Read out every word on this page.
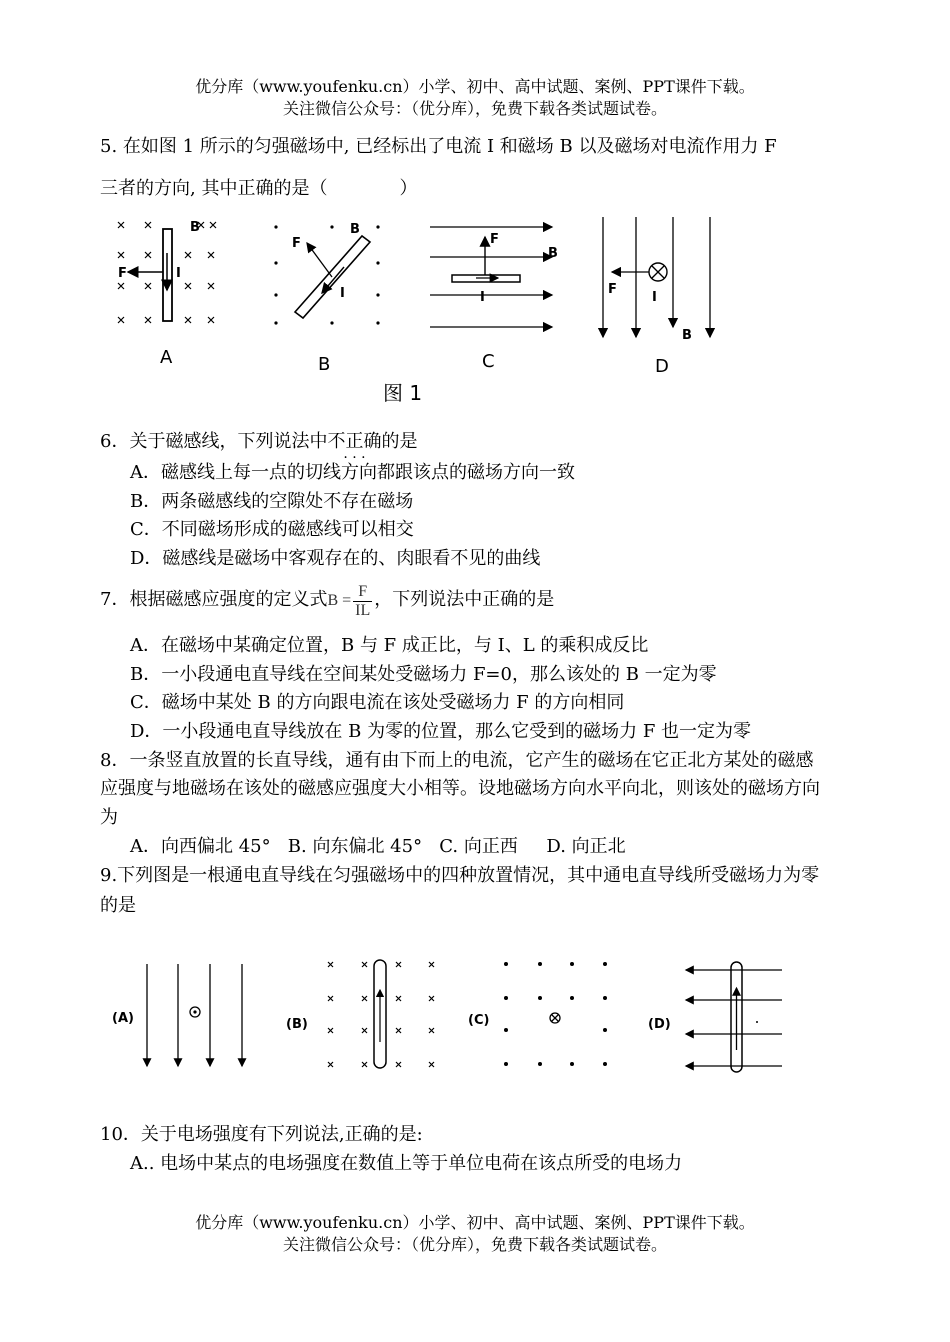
优分库（www.youfenku.cn）小学、初中、高中试题、案例、PPT课件下载。
关注微信公众号：（优分库），免费下载各类试题试卷。
5. 在如图 1 所示的匀强磁场中, 已经标出了电流 I 和磁场 B 以及磁场对电流作用力 F
三者的方向, 其中正确的是（　　　　）
B
F	I
A
B
F
I
B
F
B
I
C
F
I
B
D
图 1
6．关于磁感线，下列说法中不正确
· · ·
的是
A．磁感线上每一点的切线方向都跟该点的磁场方向一致
B．两条磁感线的空隙处不存在磁场
C．不同磁场形成的磁感线可以相交
D．磁感线是磁场中客观存在的、肉眼看不见的曲线
7．根据磁感应强度的定义式$B = \frac{F}{IL}$ ，下列说法中正确的是
A．在磁场中某确定位置，B 与 F 成正比，与 I、L 的乘积成反比
B．一小段通电直导线在空间某处受磁场力 F=0，那么该处的 B 一定为零
C．磁场中某处 B 的方向跟电流在该处受磁场力 F 的方向相同
D．一小段通电直导线放在 B 为零的位置，那么它受到的磁场力 F 也一定为零
8．一条竖直放置的长直导线，通有由下而上的电流，它产生的磁场在它正北方某处的磁感
应强度与地磁场在该处的磁感应强度大小相等。设地磁场方向水平向北，则该处的磁场方向
为
A．向西偏北 45°   B. 向东偏北 45°   C. 向正西     D. 向正北
9.下列图是一根通电直导线在匀强磁场中的四种放置情况，其中通电直导线所受磁场力为零
的是
(A)	(B)	(C)	(D)
10．关于电场强度有下列说法,正确的是:
A.. 电场中某点的电场强度在数值上等于单位电荷在该点所受的电场力
优分库（www.youfenku.cn）小学、初中、高中试题、案例、PPT课件下载。
关注微信公众号：（优分库），免费下载各类试题试卷。
